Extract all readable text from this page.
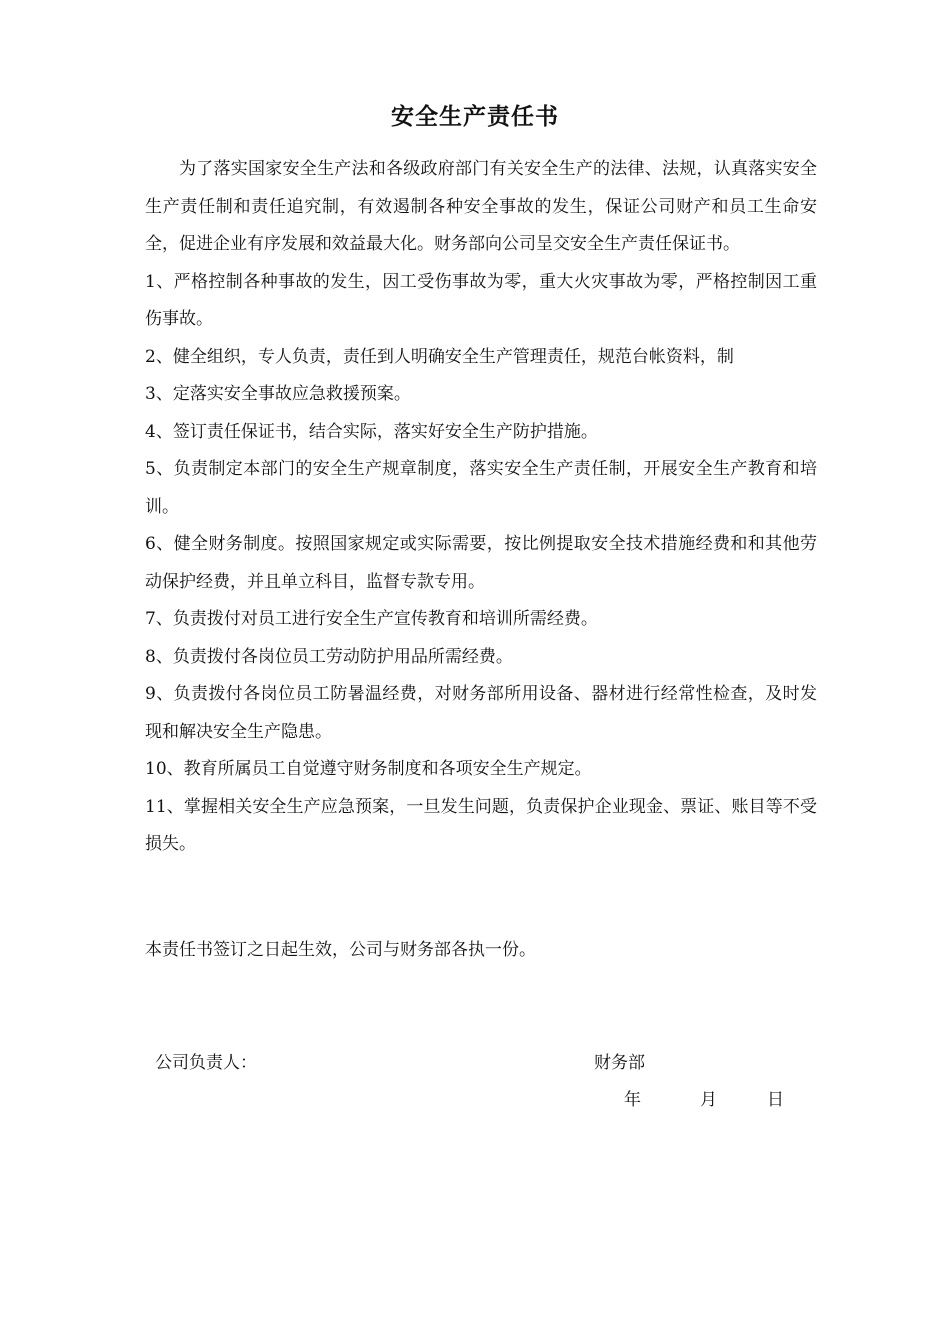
安全生产责任书

为了落实国家安全生产法和各级政府部门有关安全生产的法律、法规，认真落实安全生产责任制和责任追究制，有效遏制各种安全事故的发生，保证公司财产和员工生命安全，促进企业有序发展和效益最大化。财务部向公司呈交安全生产责任保证书。

1、严格控制各种事故的发生，因工受伤事故为零，重大火灾事故为零，严格控制因工重伤事故。

2、健全组织，专人负责，责任到人明确安全生产管理责任，规范台帐资料，制

3、定落实安全事故应急救援预案。

4、签订责任保证书，结合实际，落实好安全生产防护措施。

5、负责制定本部门的安全生产规章制度，落实安全生产责任制，开展安全生产教育和培训。

6、健全财务制度。按照国家规定或实际需要，按比例提取安全技术措施经费和和其他劳动保护经费，并且单立科目，监督专款专用。

7、负责拨付对员工进行安全生产宣传教育和培训所需经费。

8、负责拨付各岗位员工劳动防护用品所需经费。

9、负责拨付各岗位员工防暑温经费，对财务部所用设备、器材进行经常性检查，及时发现和解决安全生产隐患。

10、教育所属员工自觉遵守财务制度和各项安全生产规定。

11、掌握相关安全生产应急预案，一旦发生问题，负责保护企业现金、票证、账目等不受损失。

本责任书签订之日起生效，公司与财务部各执一份。

公司负责人：	财务部
年	月	日
